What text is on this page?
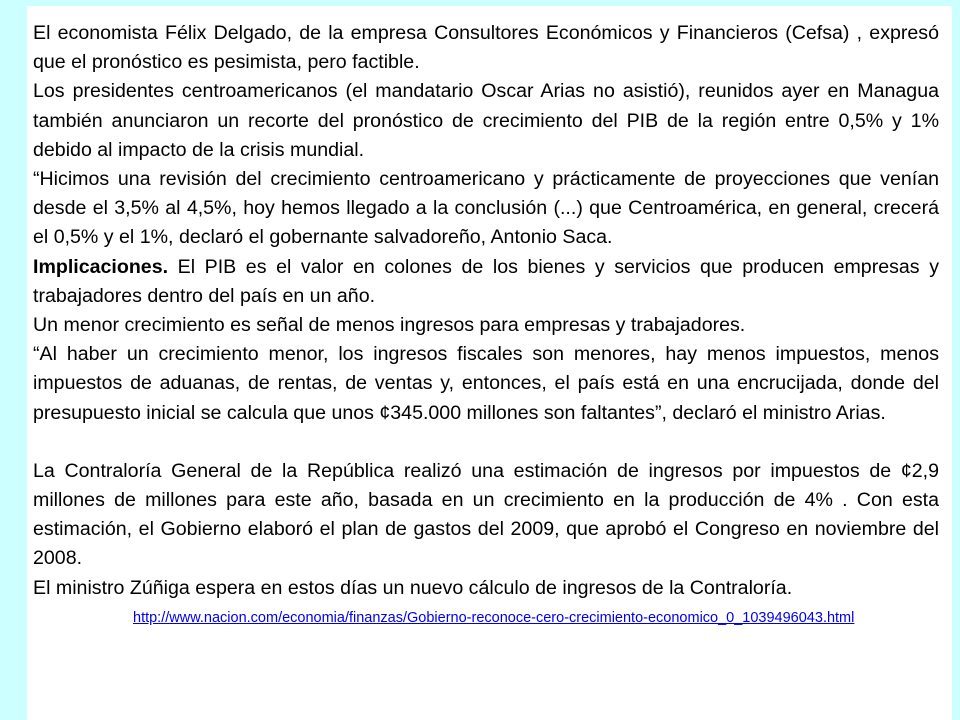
El economista Félix Delgado, de la empresa Consultores Económicos y Financieros (Cefsa) , expresó que el pronóstico es pesimista, pero factible.

Los presidentes centroamericanos (el mandatario Oscar Arias no asistió), reunidos ayer en Managua también anunciaron un recorte del pronóstico de crecimiento del PIB de la región entre 0,5% y 1% debido al impacto de la crisis mundial.

“Hicimos una revisión del crecimiento centroamericano y prácticamente de proyecciones que venían desde el 3,5% al 4,5%, hoy hemos llegado a la conclusión (...) que Centroamérica, en general, crecerá el 0,5% y el 1%, declaró el gobernante salvadoreño, Antonio Saca.

Implicaciones. El PIB es el valor en colones de los bienes y servicios que producen empresas y trabajadores dentro del país en un año.

Un menor crecimiento es señal de menos ingresos para empresas y trabajadores.

“Al haber un crecimiento menor, los ingresos fiscales son menores, hay menos impuestos, menos impuestos de aduanas, de rentas, de ventas y, entonces, el país está en una encrucijada, donde del presupuesto inicial se calcula que unos ¢345.000 millones son faltantes”, declaró el ministro Arias.

La Contraloría General de la República realizó una estimación de ingresos por impuestos de ¢2,9 millones de millones para este año, basada en un crecimiento en la producción de 4% . Con esta estimación, el Gobierno elaboró el plan de gastos del 2009, que aprobó el Congreso en noviembre del 2008.

El ministro Zúñiga espera en estos días un nuevo cálculo de ingresos de la Contraloría.

http://www.nacion.com/economia/finanzas/Gobierno-reconoce-cero-crecimiento-economico_0_1039496043.html
